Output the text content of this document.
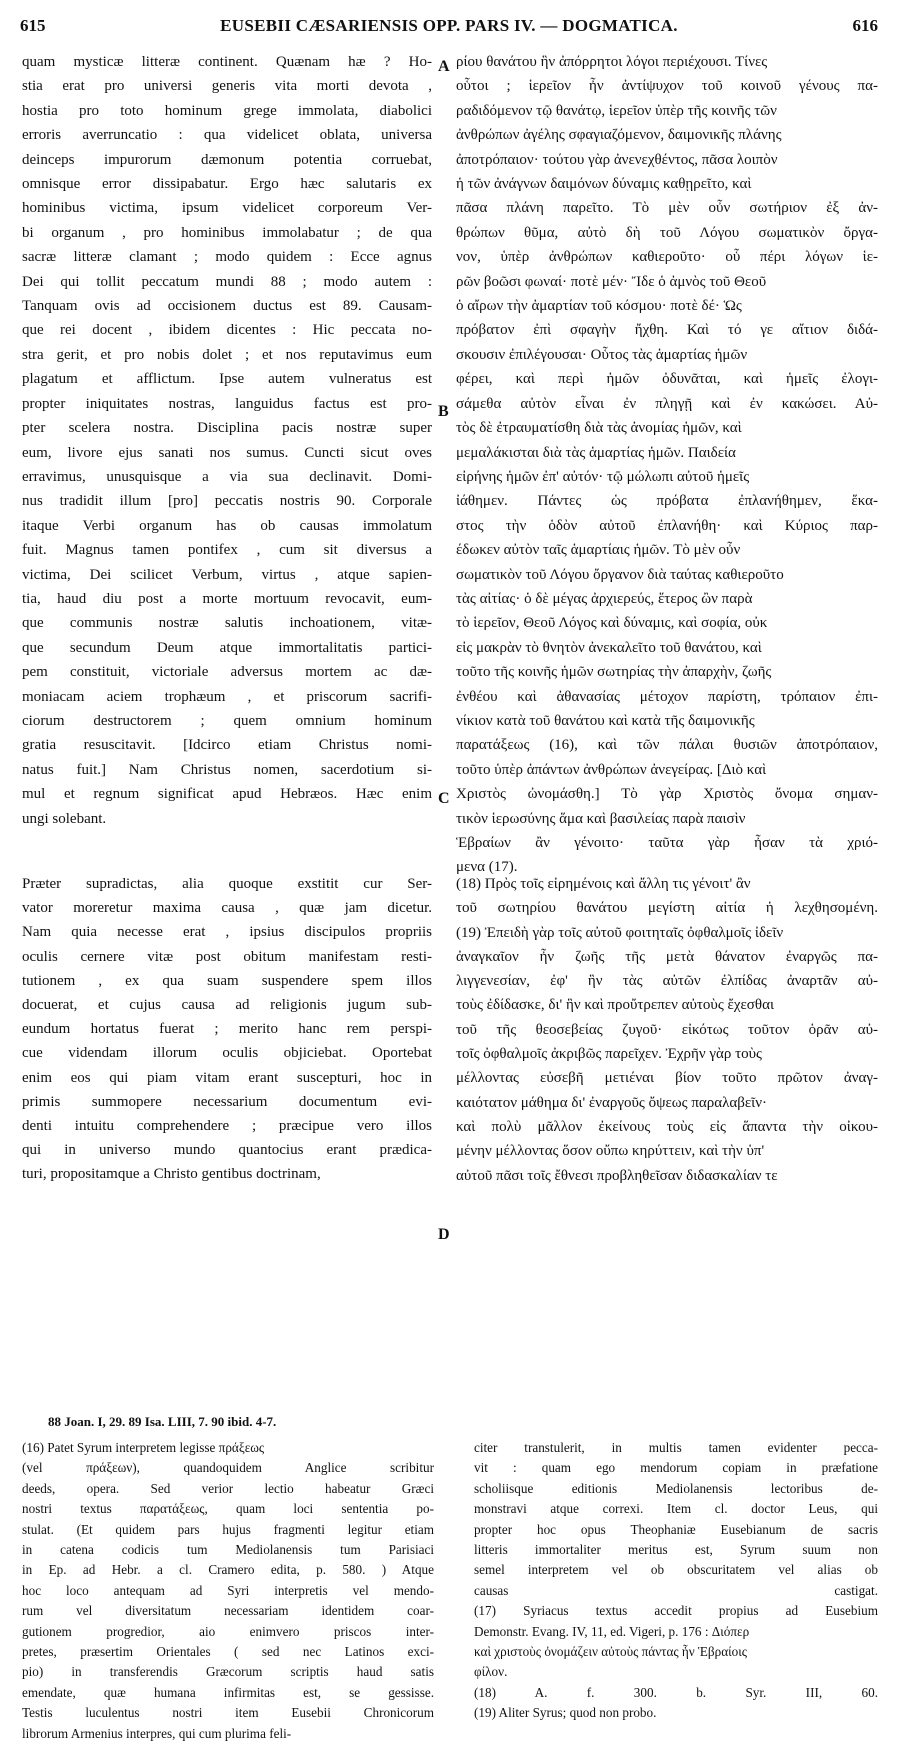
615	EUSEBII CÆSARIENSIS OPP. PARS IV. — DOGMATICA.	616
A
B
C
D
quam mysticæ litteræ continent. Quænam hæ ? Ho-
stia erat pro universi generis vita morti devota ,
hostia pro toto hominum grege immolata, diabolici
erroris averruncatio : qua videlicet oblata, universa
deinceps impurorum dæmonum potentia corruebat,
omnisque error dissipabatur. Ergo hæc salutaris ex
hominibus victima, ipsum videlicet corporeum Ver-
bi organum , pro hominibus immolabatur ; de qua
sacræ litteræ clamant ; modo quidem : Ecce agnus
Dei qui tollit peccatum mundi 88 ; modo autem :
Tanquam ovis ad occisionem ductus est 89. Causam-
que rei docent , ibidem dicentes : Hic peccata no-
stra gerit, et pro nobis dolet ; et nos reputavimus eum
plagatum et afflictum. Ipse autem vulneratus est
propter iniquitates nostras, languidus factus est pro-
pter scelera nostra. Disciplina pacis nostræ super
eum, livore ejus sanati nos sumus. Cuncti sicut oves
erravimus, unusquisque a via sua declinavit. Domi-
nus tradidit illum [pro] peccatis nostris 90. Corporale
itaque Verbi organum has ob causas immolatum
fuit. Magnus tamen pontifex , cum sit diversus a
victima, Dei scilicet Verbum, virtus , atque sapien-
tia, haud diu post a morte mortuum revocavit, eum-
que communis nostræ salutis inchoationem, vitæ-
que secundum Deum atque immortalitatis partici-
pem constituit, victoriale adversus mortem ac dæ-
moniacam aciem trophæum , et priscorum sacrifi-
ciorum destructorem ; quem omnium hominum
gratia resuscitavit. [Idcirco etiam Christus nomi-
natus fuit.] Nam Christus nomen, sacerdotium si-
mul et regnum significat apud Hebræos. Hæc enim
ungi solebant.
ρίου θανάτου ἣν ἀπόρρητοι λόγοι περιέχουσι. Τίνες
οὗτοι ; ἱερεῖον ἦν ἀντίψυχον τοῦ κοινοῦ γένους πα-
ραδιδόμενον τῷ θανάτῳ, ἱερεῖον ὑπὲρ τῆς κοινῆς τῶν
ἀνθρώπων ἀγέλης σφαγιαζόμενον, δαιμονικῆς πλάνης
ἀποτρόπαιον· τούτου γὰρ ἀνενεχθέντος, πᾶσα λοιπὸν
ἡ τῶν ἀνάγνων δαιμόνων δύναμις καθῃρεῖτο, καὶ
πᾶσα πλάνη παρεῖτο. Τὸ μὲν οὖν σωτήριον ἐξ ἀν-
θρώπων θῦμα, αὐτὸ δὴ τοῦ Λόγου σωματικὸν ὄργα-
νον, ὑπὲρ ἀνθρώπων καθιεροῦτο· οὗ πέρι λόγων ἱε-
ρῶν βοῶσι φωναί· ποτὲ μέν· Ἴδε ὁ ἀμνὸς τοῦ Θεοῦ
ὁ αἴρων τὴν ἁμαρτίαν τοῦ κόσμου· ποτὲ δέ· Ὡς
πρόβατον ἐπὶ σφαγὴν ἤχθη. Καὶ τό γε αἴτιον διδά-
σκουσιν ἐπιλέγουσαι· Οὗτος τὰς ἁμαρτίας ἡμῶν
φέρει, καὶ περὶ ἡμῶν ὀδυνᾶται, καὶ ἡμεῖς ἐλογι-
σάμεθα αὐτὸν εἶναι ἐν πληγῇ καὶ ἐν κακώσει. Αὐ-
τὸς δὲ ἐτραυματίσθη διὰ τὰς ἀνομίας ἡμῶν, καὶ
μεμαλάκισται διὰ τὰς ἁμαρτίας ἡμῶν. Παιδεία
εἰρήνης ἡμῶν ἐπ' αὐτόν· τῷ μώλωπι αὐτοῦ ἡμεῖς
ἰάθημεν. Πάντες ὡς πρόβατα ἐπλανήθημεν, ἕκα-
στος τὴν ὁδὸν αὐτοῦ ἐπλανήθη· καὶ Κύριος παρ-
έδωκεν αὐτὸν ταῖς ἁμαρτίαις ἡμῶν. Τὸ μὲν οὖν
σωματικὸν τοῦ Λόγου ὄργανον διὰ ταύτας καθιεροῦτο
τὰς αἰτίας· ὁ δὲ μέγας ἀρχιερεύς, ἕτερος ὢν παρὰ
τὸ ἱερεῖον, Θεοῦ Λόγος καὶ δύναμις, καὶ σοφία, οὐκ
εἰς μακρὰν τὸ θνητὸν ἀνεκαλεῖτο τοῦ θανάτου, καὶ
τοῦτο τῆς κοινῆς ἡμῶν σωτηρίας τὴν ἀπαρχὴν, ζωῆς
ἐνθέου καὶ ἀθανασίας μέτοχον παρίστη, τρόπαιον ἐπι-
νίκιον κατὰ τοῦ θανάτου καὶ κατὰ τῆς δαιμονικῆς
παρατάξεως (16), καὶ τῶν πάλαι θυσιῶν ἀποτρόπαιον,
τοῦτο ὑπὲρ ἁπάντων ἀνθρώπων ἀνεγείρας. [Διὸ καὶ
Χριστὸς ὠνομάσθη.] Τὸ γὰρ Χριστὸς ὄνομα σημαν-
τικὸν ἱερωσύνης ἅμα καὶ βασιλείας παρὰ παισὶν
Ἑβραίων ἂν γένοιτο· ταῦτα γὰρ ἦσαν τὰ χριό-
μενα (17).
Præter supradictas, alia quoque exstitit cur Ser-
vator moreretur maxima causa , quæ jam dicetur.
Nam quia necesse erat , ipsius discipulos propriis
oculis cernere vitæ post obitum manifestam resti-
tutionem , ex qua suam suspendere spem illos
docuerat, et cujus causa ad religionis jugum sub-
eundum hortatus fuerat ; merito hanc rem perspi-
cue videndam illorum oculis objiciebat. Oportebat
enim eos qui piam vitam erant suscepturi, hoc in
primis summopere necessarium documentum evi-
denti intuitu comprehendere ; præcipue vero illos
qui in universo mundo quantocius erant prædica-
turi, propositamque a Christo gentibus doctrinam,
(18) Πρὸς τοῖς εἰρημένοις καὶ ἄλλη τις γένοιτ' ἂν
τοῦ σωτηρίου θανάτου μεγίστη αἰτία ἡ λεχθησομένη.
(19) Ἐπειδὴ γὰρ τοῖς αὐτοῦ φοιτηταῖς ὀφθαλμοῖς ἰδεῖν
ἀναγκαῖον ἦν ζωῆς τῆς μετὰ θάνατον ἐναργῶς πα-
λιγγενεσίαν, ἐφ' ἣν τὰς αὐτῶν ἐλπίδας ἀναρτᾶν αὐ-
τοὺς ἐδίδασκε, δι' ἣν καὶ προὔτρεπεν αὐτοὺς ἔχεσθαι
τοῦ τῆς θεοσεβείας ζυγοῦ· εἰκότως τοῦτον ὁρᾶν αὐ-
τοῖς ὀφθαλμοῖς ἀκριβῶς παρεῖχεν. Ἐχρῆν γὰρ τοὺς
μέλλοντας εὐσεβῆ μετιέναι βίον τοῦτο πρῶτον ἀναγ-
καιότατον μάθημα δι' ἐναργοῦς ὄψεως παραλαβεῖν·
καὶ πολὺ μᾶλλον ἐκείνους τοὺς εἰς ἅπαντα τὴν οἰκου-
μένην μέλλοντας ὅσον οὔπω κηρύττειν, καὶ τὴν ὑπ'
αὐτοῦ πᾶσι τοῖς ἔθνεσι προβληθεῖσαν διδασκαλίαν τε
88 Joan. I, 29. 89 Isa. LIII, 7. 90 ibid. 4-7.
(16) Patet Syrum interpretem legisse πράξεως
(vel πράξεων), quandoquidem Anglice scribitur
deeds, opera. Sed verior lectio habeatur Græci
nostri textus παρατάξεως, quam loci sententia po-
stulat. (Et quidem pars hujus fragmenti legitur etiam
in catena codicis tum Mediolanensis tum Parisiaci
in Ep. ad Hebr. a cl. Cramero edita, p. 580. ) Atque
hoc loco antequam ad Syri interpretis vel mendo-
rum vel diversitatum necessariam identidem coar-
gutionem progredior, aio enimvero priscos inter-
pretes, præsertim Orientales ( sed nec Latinos exci-
pio) in transferendis Græcorum scriptis haud satis
emendate, quæ humana infirmitas est, se gessisse.
Testis luculentus nostri item Eusebii Chronicorum
librorum Armenius interpres, qui cum plurima feli-
citer transtulerit, in multis tamen evidenter pecca-
vit : quam ego mendorum copiam in præfatione
scholiisque editionis Mediolanensis lectoribus de-
monstravi atque correxi. Item cl. doctor Leus, qui
propter hoc opus Theophaniæ Eusebianum de sacris
litteris immortaliter meritus est, Syrum suum non
semel interpretem vel ob obscuritatem vel alias ob
causas castigat.
(17) Syriacus textus accedit propius ad Eusebium
Demonstr. Evang. IV, 11, ed. Vigeri, p. 176 : Διόπερ
καὶ χριστοὺς ὀνομάζειν αὐτοὺς πάντας ἦν Ἑβραίοις
φίλον.
(18) A. f. 300. b. Syr. III, 60.
(19) Aliter Syrus; quod non probo.
